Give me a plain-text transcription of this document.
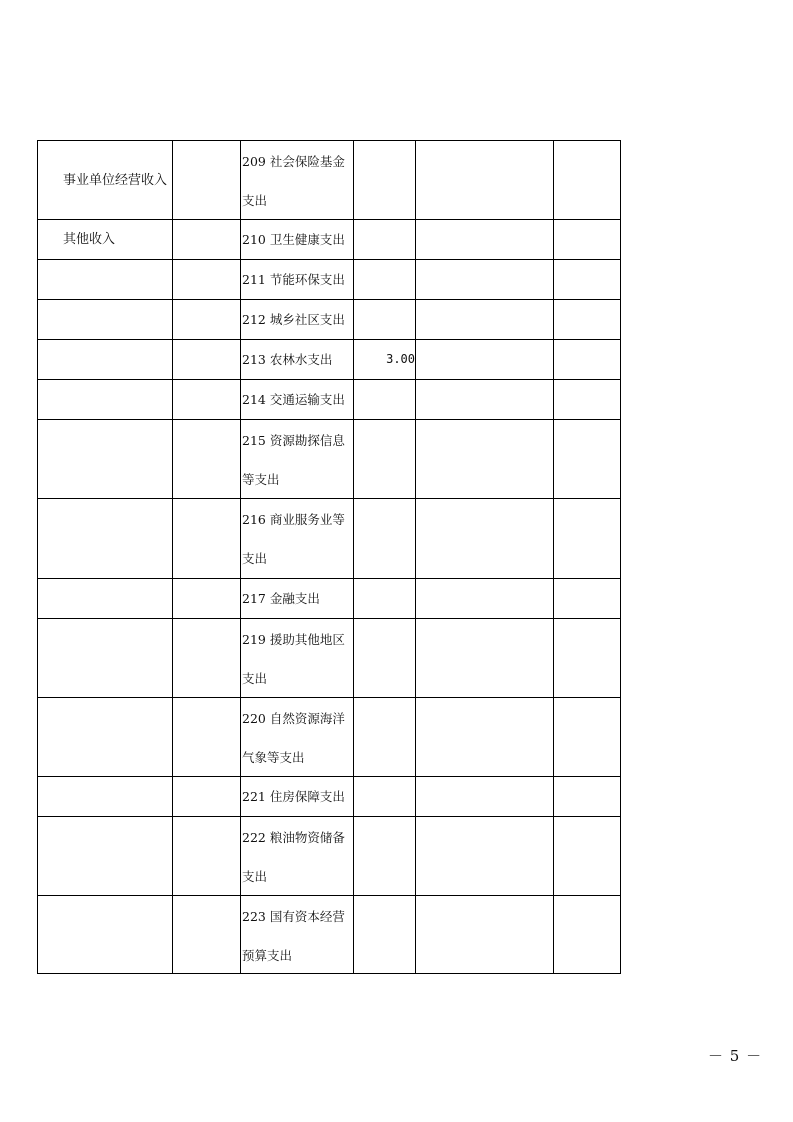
事业单位经营收入
209 社会保险基金
支出
其他收入	210 卫生健康支出
211 节能环保支出
212 城乡社区支出
213 农林水支出	3.00
214 交通运输支出
215 资源勘探信息
等支出
216 商业服务业等
支出
217 金融支出
219 援助其他地区
支出
220 自然资源海洋
气象等支出
221 住房保障支出
222 粮油物资储备
支出
223 国有资本经营
预算支出
－ 5 －
